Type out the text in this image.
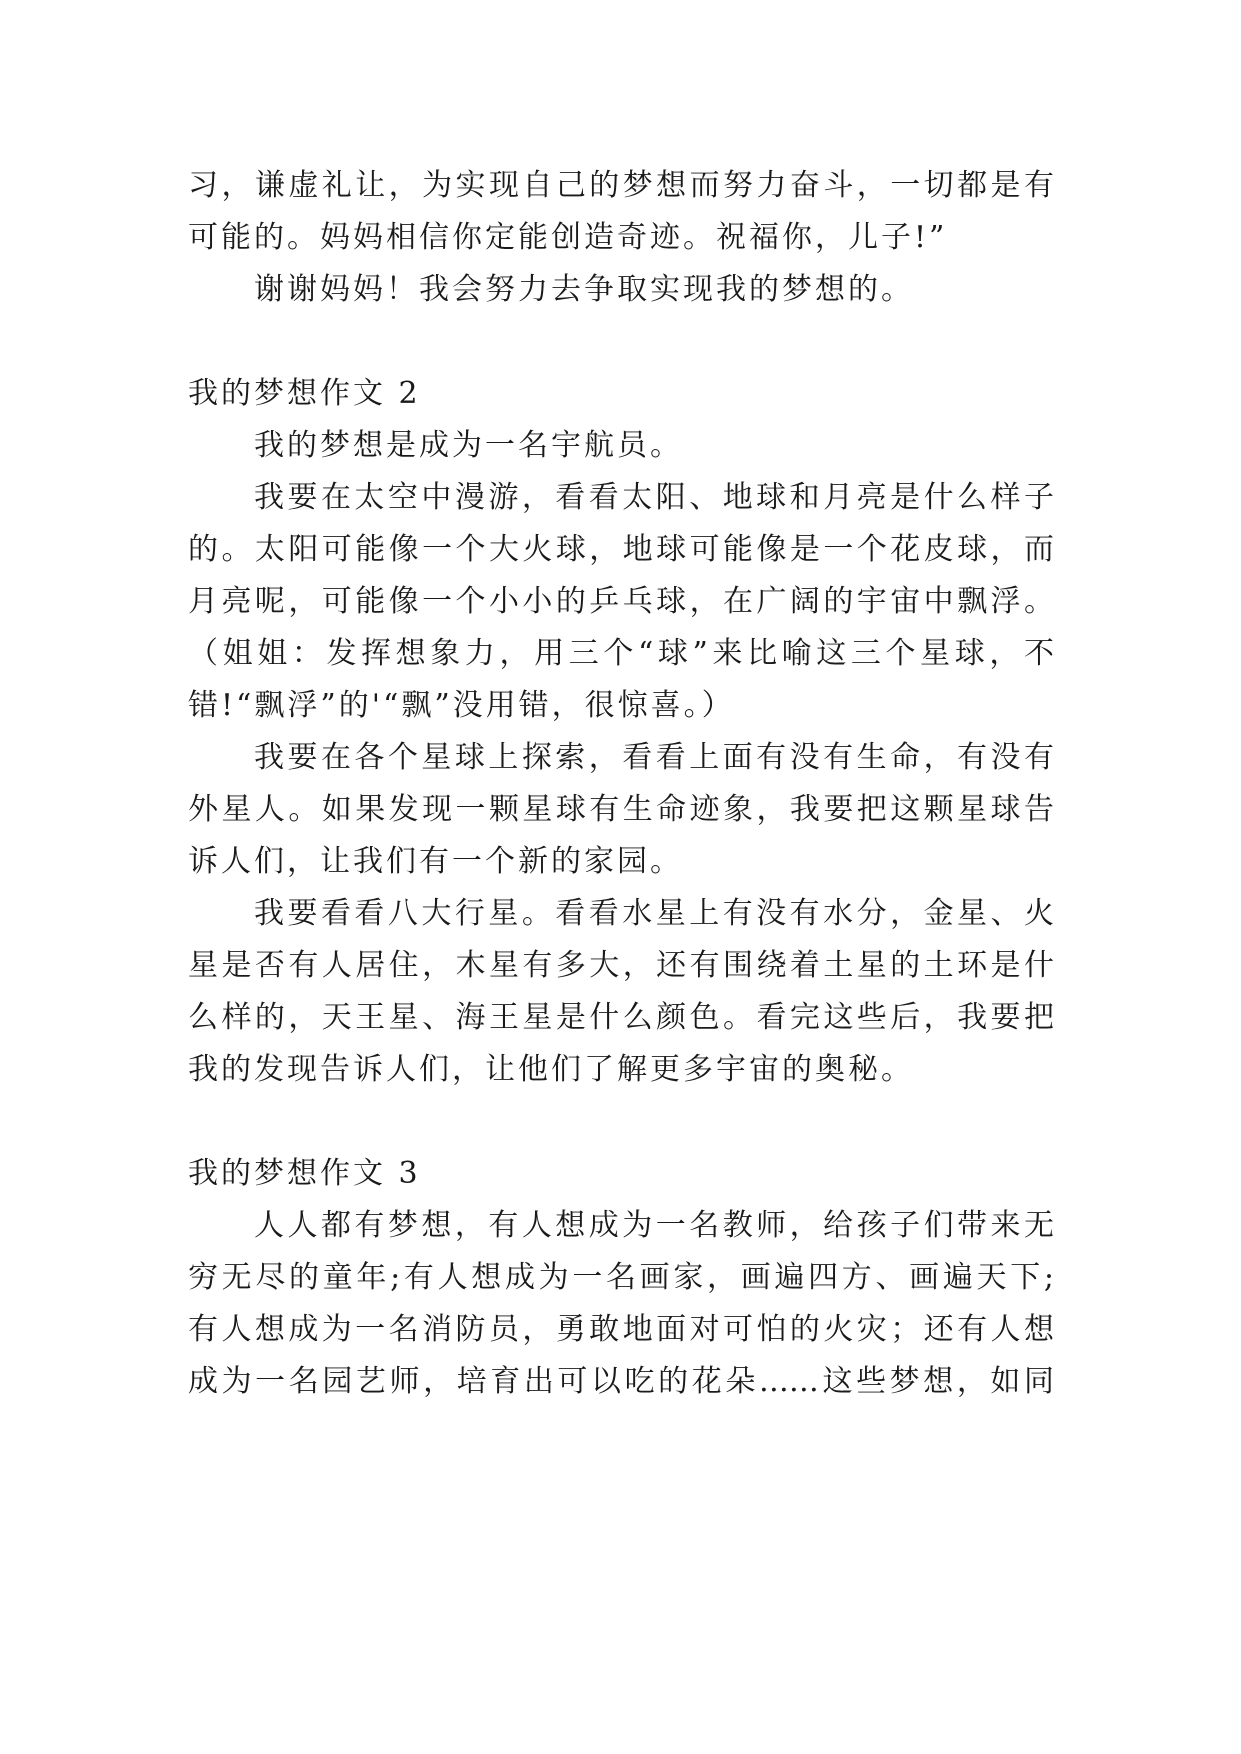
习，谦虚礼让，为实现自己的梦想而努力奋斗，一切都是有
可能的。妈妈相信你定能创造奇迹。祝福你，儿子!”
谢谢妈妈！我会努力去争取实现我的梦想的。
我的梦想作文 2
我的梦想是成为一名宇航员。
我要在太空中漫游，看看太阳、地球和月亮是什么样子
的。太阳可能像一个大火球，地球可能像是一个花皮球，而
月亮呢，可能像一个小小的乒乓球，在广阔的宇宙中飘浮。
（姐姐：发挥想象力，用三个“球”来比喻这三个星球，不
错!“飘浮”的'“飘”没用错，很惊喜。）
我要在各个星球上探索，看看上面有没有生命，有没有
外星人。如果发现一颗星球有生命迹象，我要把这颗星球告
诉人们，让我们有一个新的家园。
我要看看八大行星。看看水星上有没有水分，金星、火
星是否有人居住，木星有多大，还有围绕着土星的土环是什
么样的，天王星、海王星是什么颜色。看完这些后，我要把
我的发现告诉人们，让他们了解更多宇宙的奥秘。
我的梦想作文 3
人人都有梦想，有人想成为一名教师，给孩子们带来无
穷无尽的童年;有人想成为一名画家，画遍四方、画遍天下;
有人想成为一名消防员，勇敢地面对可怕的火灾；还有人想
成为一名园艺师，培育出可以吃的花朵……这些梦想，如同
